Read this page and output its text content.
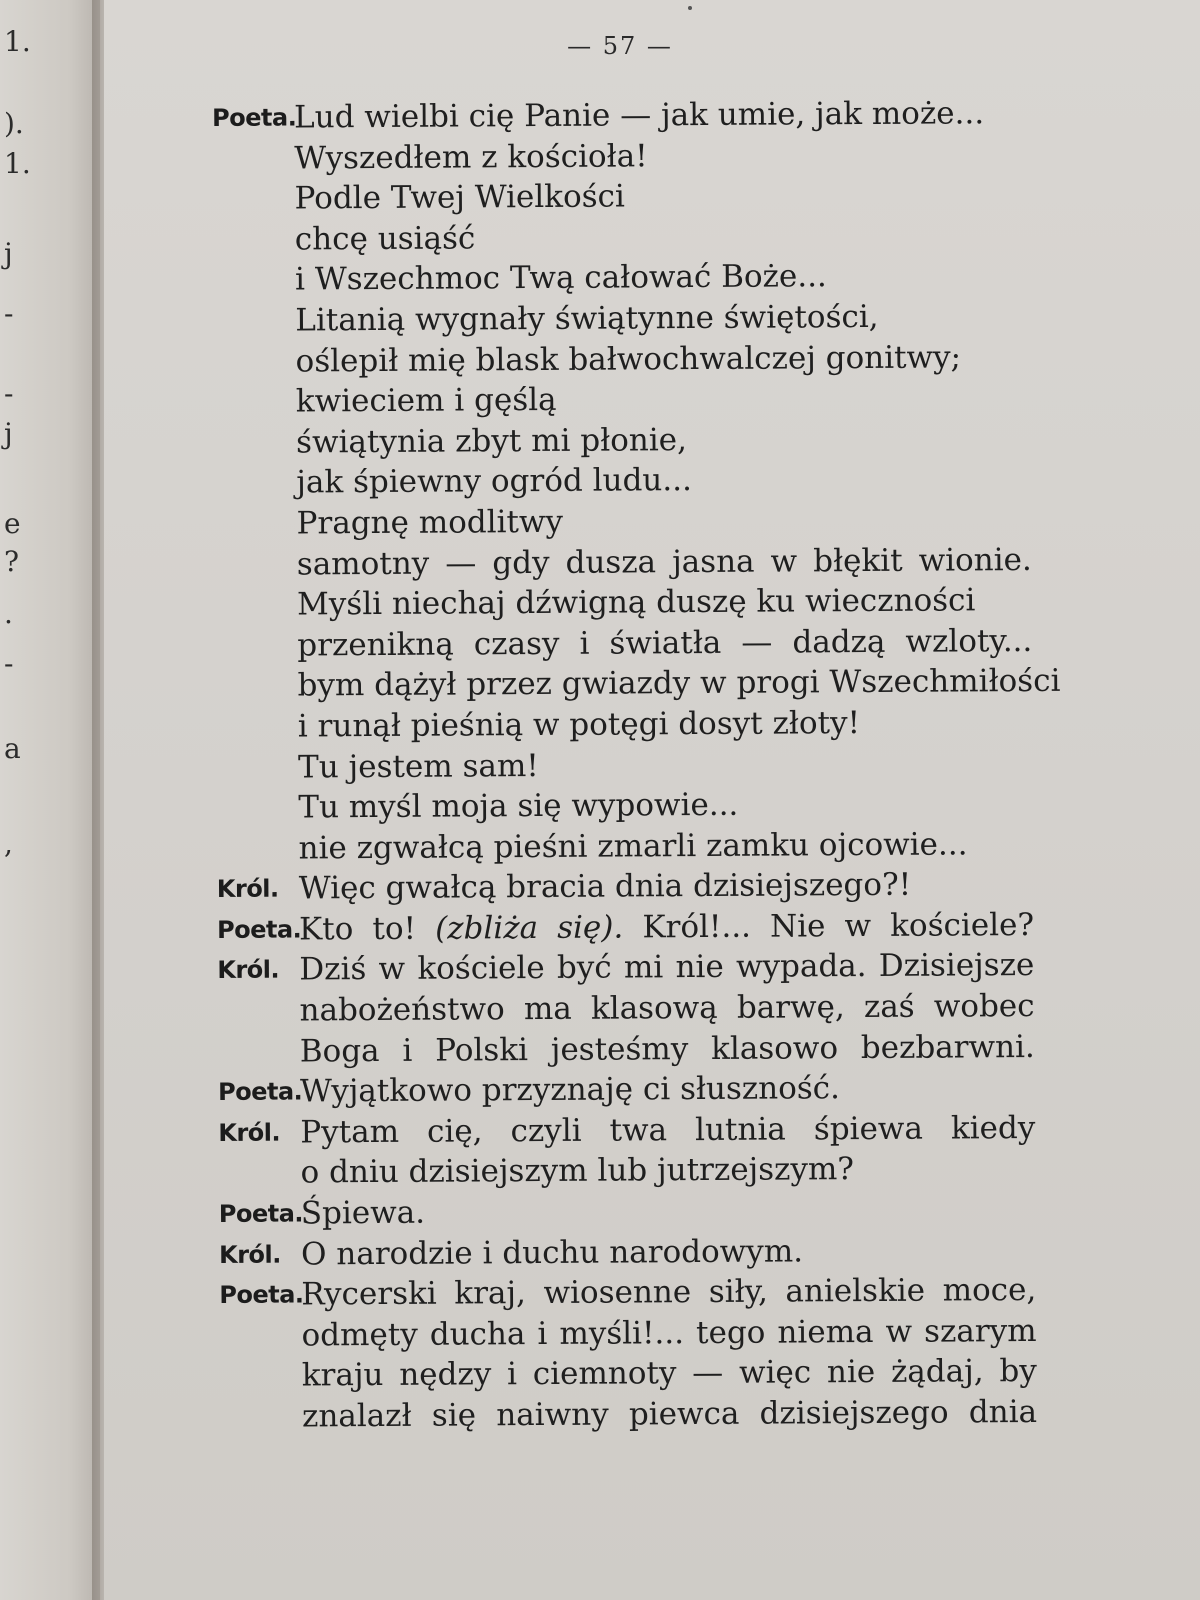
1.
).
1.
j
-
-
j
e
?
.
-
a
,
— 57 —
Poeta.
Lud wielbi cię Panie — jak umie, jak może...
Wyszedłem z kościoła!
Podle Twej Wielkości
chcę usiąść
i Wszechmoc Twą całować Boże...
Litanią wygnały świątynne świętości,
oślepił mię blask bałwochwalczej gonitwy;
kwieciem i gęślą
świątynia zbyt mi płonie,
jak śpiewny ogród ludu...
Pragnę modlitwy
samotny — gdy dusza jasna w błękit wionie.
Myśli niechaj dźwigną duszę ku wieczności
przenikną czasy i światła — dadzą wzloty...
bym dążył przez gwiazdy w progi Wszechmiłości
i runął pieśnią w potęgi dosyt złoty!
Tu jestem sam!
Tu myśl moja się wypowie...
nie zgwałcą pieśni zmarli zamku ojcowie...
Król. Więc gwałcą bracia dnia dzisiejszego?!
Poeta.
Kto to! (zbliża się). Król!... Nie w kościele?
Król. Dziś w kościele być mi nie wypada. Dzisiejsze
nabożeństwo ma klasową barwę, zaś wobec
Boga i Polski jesteśmy klasowo bezbarwni.
Poeta.
Wyjątkowo przyznaję ci słuszność.
Król. Pytam cię, czyli twa lutnia śpiewa kiedy
o dniu dzisiejszym lub jutrzejszym?
Poeta.
Śpiewa.
Król. O narodzie i duchu narodowym.
Poeta.
Rycerski kraj, wiosenne siły, anielskie moce,
odmęty ducha i myśli!... tego niema w szarym
kraju nędzy i ciemnoty — więc nie żądaj, by
znalazł się naiwny piewca dzisiejszego dnia
